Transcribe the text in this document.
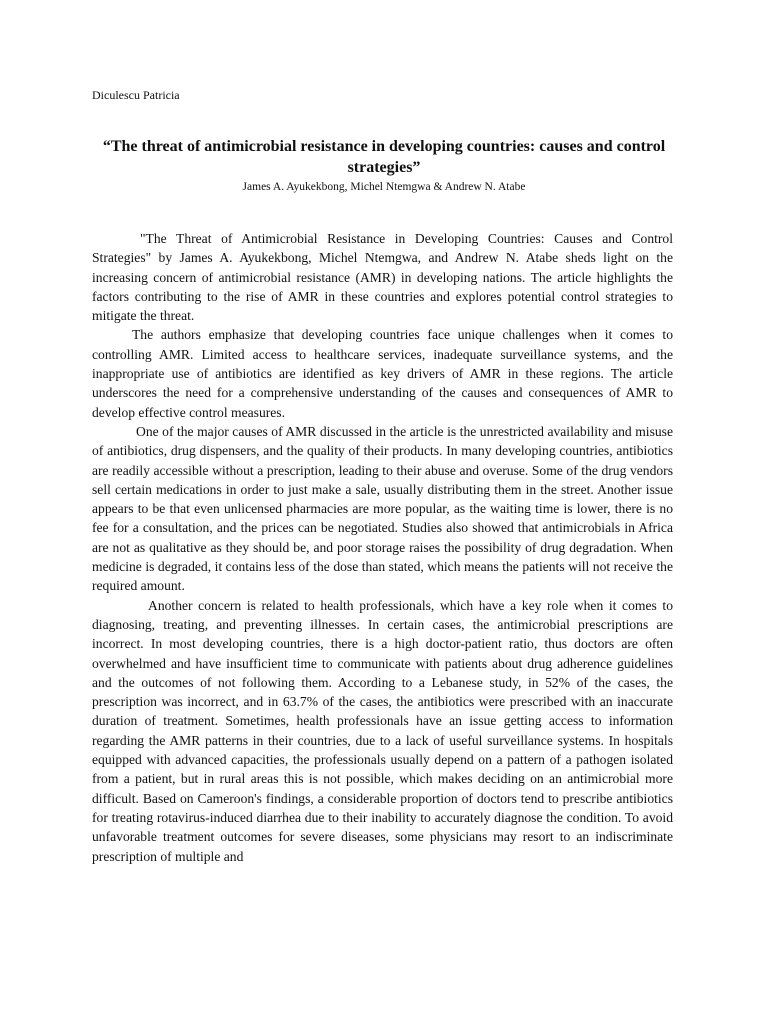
Diculescu Patricia
“The threat of antimicrobial resistance in developing countries: causes and control strategies”
James A. Ayukekbong, Michel Ntemgwa & Andrew N. Atabe

"The Threat of Antimicrobial Resistance in Developing Countries: Causes and Control Strategies" by James A. Ayukekbong, Michel Ntemgwa, and Andrew N. Atabe sheds light on the increasing concern of antimicrobial resistance (AMR) in developing nations. The article highlights the factors contributing to the rise of AMR in these countries and explores potential control strategies to mitigate the threat.

The authors emphasize that developing countries face unique challenges when it comes to controlling AMR. Limited access to healthcare services, inadequate surveillance systems, and the inappropriate use of antibiotics are identified as key drivers of AMR in these regions. The article underscores the need for a comprehensive understanding of the causes and consequences of AMR to develop effective control measures.

One of the major causes of AMR discussed in the article is the unrestricted availability and misuse of antibiotics, drug dispensers, and the quality of their products. In many developing countries, antibiotics are readily accessible without a prescription, leading to their abuse and overuse. Some of the drug vendors sell certain medications in order to just make a sale, usually distributing them in the street. Another issue appears to be that even unlicensed pharmacies are more popular, as the waiting time is lower, there is no fee for a consultation, and the prices can be negotiated. Studies also showed that antimicrobials in Africa are not as qualitative as they should be, and poor storage raises the possibility of drug degradation. When medicine is degraded, it contains less of the dose than stated, which means the patients will not receive the required amount.

Another concern is related to health professionals, which have a key role when it comes to diagnosing, treating, and preventing illnesses. In certain cases, the antimicrobial prescriptions are incorrect. In most developing countries, there is a high doctor-patient ratio, thus doctors are often overwhelmed and have insufficient time to communicate with patients about drug adherence guidelines and the outcomes of not following them. According to a Lebanese study, in 52% of the cases, the prescription was incorrect, and in 63.7% of the cases, the antibiotics were prescribed with an inaccurate duration of treatment. Sometimes, health professionals have an issue getting access to information regarding the AMR patterns in their countries, due to a lack of useful surveillance systems. In hospitals equipped with advanced capacities, the professionals usually depend on a pattern of a pathogen isolated from a patient, but in rural areas this is not possible, which makes deciding on an antimicrobial more difficult. Based on Cameroon's findings, a considerable proportion of doctors tend to prescribe antibiotics for treating rotavirus-induced diarrhea due to their inability to accurately diagnose the condition. To avoid unfavorable treatment outcomes for severe diseases, some physicians may resort to an indiscriminate prescription of multiple and
